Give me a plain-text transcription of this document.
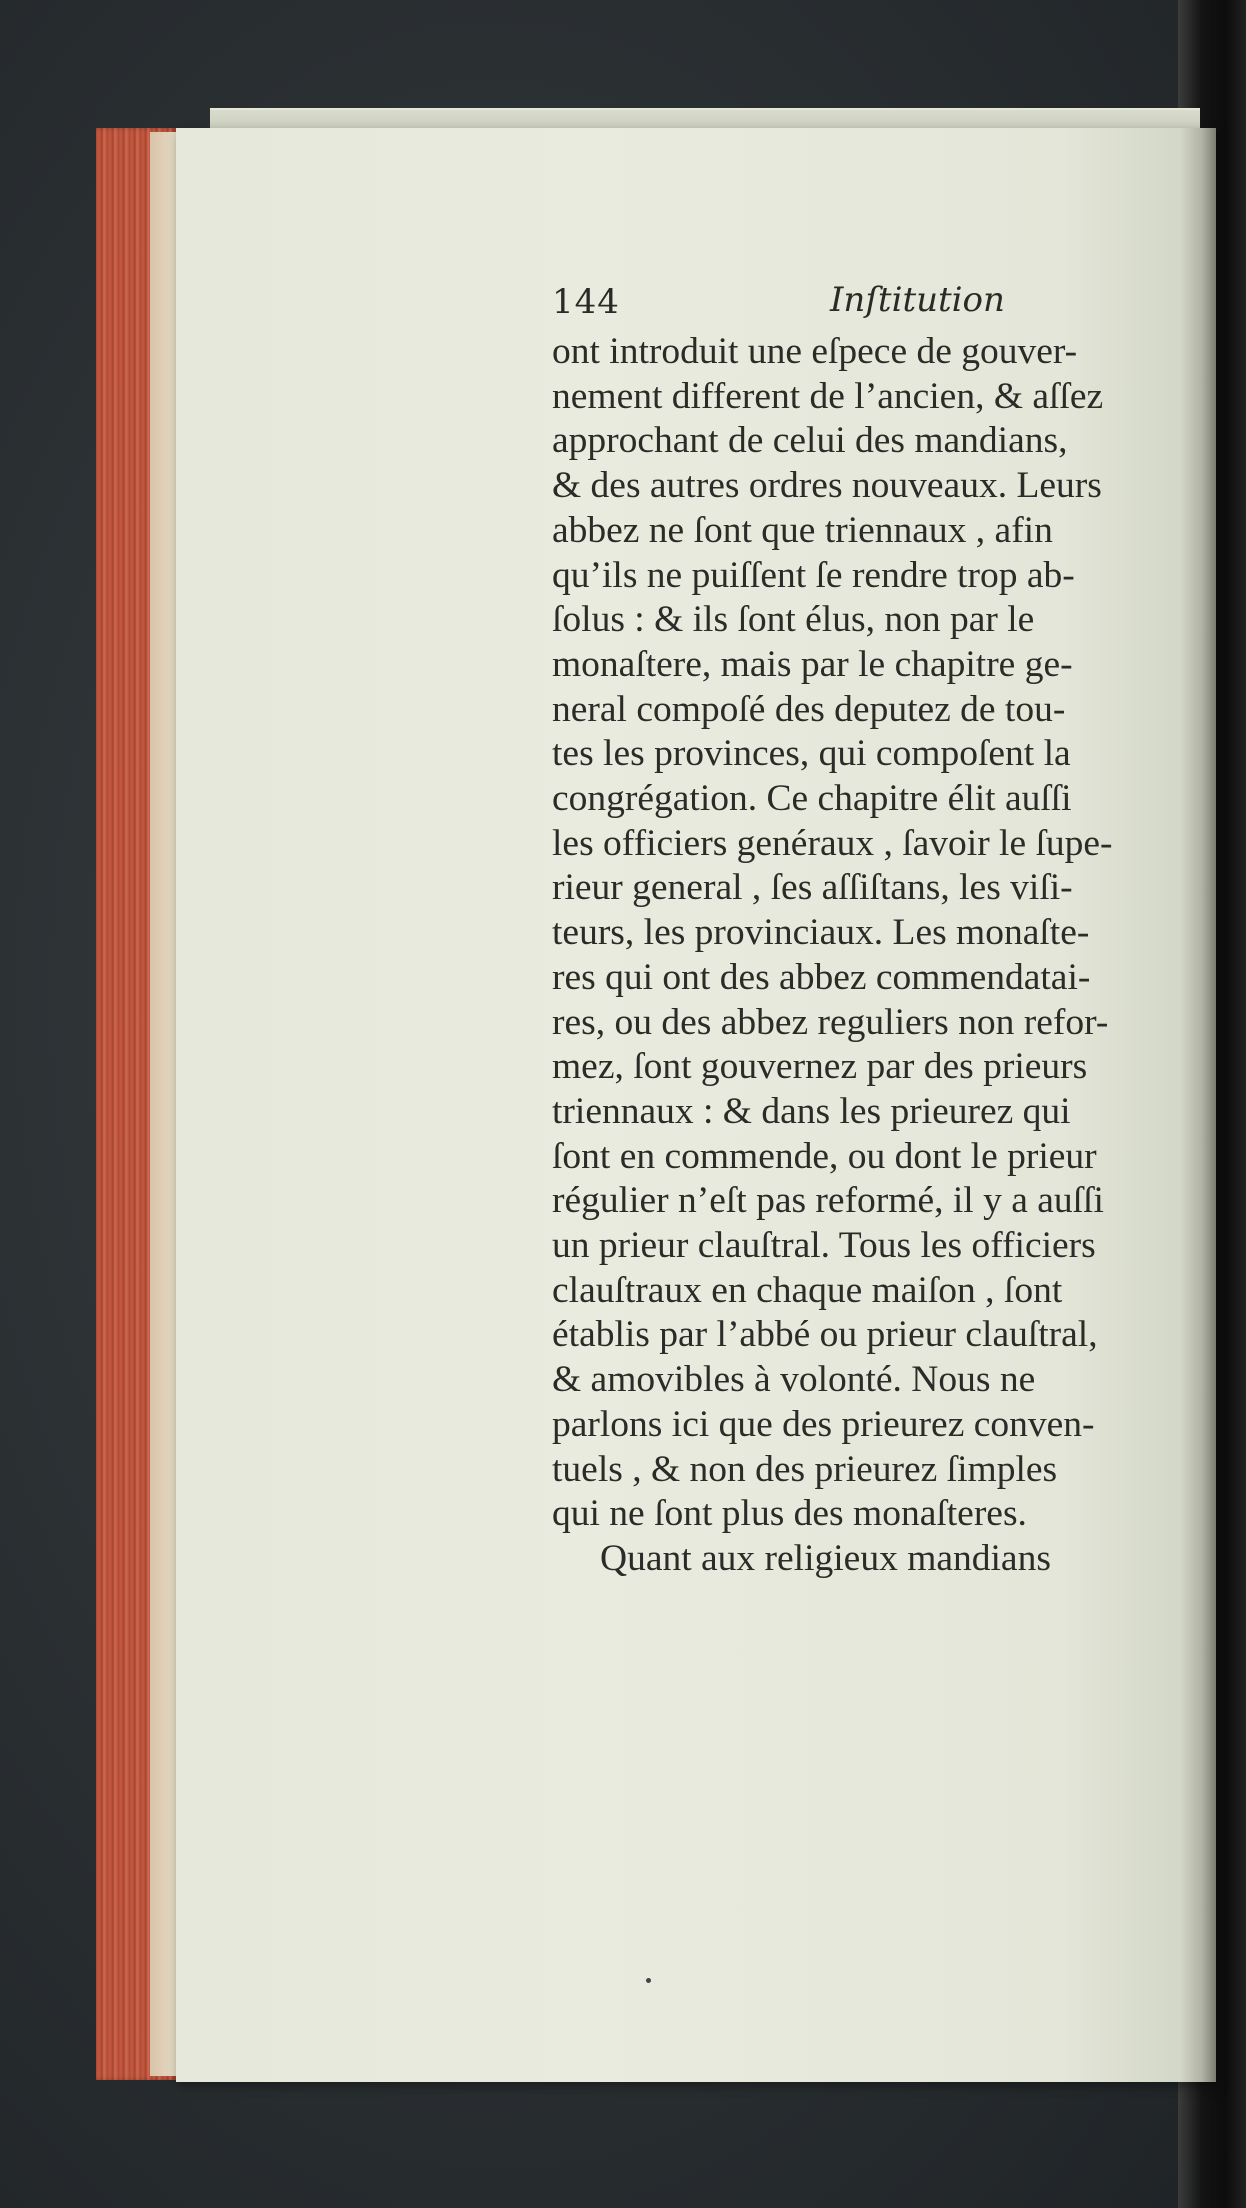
144	Inſtitution
ont introduit une eſpece de gouver-
nement different de l’ancien, & aſſez
approchant de celui des mandians,
& des autres ordres nouveaux. Leurs
abbez ne ſont que triennaux , afin
qu’ils ne puiſſent ſe rendre trop ab-
ſolus : & ils ſont élus, non par le
monaſtere, mais par le chapitre ge-
neral compoſé des deputez de tou-
tes les provinces, qui compoſent la
congrégation. Ce chapitre élit auſſi
les officiers genéraux , ſavoir le ſupe-
rieur general , ſes aſſiſtans, les viſi-
teurs, les provinciaux. Les monaſte-
res qui ont des abbez commendatai-
res, ou des abbez reguliers non refor-
mez, ſont gouvernez par des prieurs
triennaux : & dans les prieurez qui
ſont en commende, ou dont le prieur
régulier n’eſt pas reformé, il y a auſſi
un prieur clauſtral. Tous les officiers
clauſtraux en chaque maiſon , ſont
établis par l’abbé ou prieur clauſtral,
& amovibles à volonté. Nous ne
parlons ici que des prieurez conven-
tuels , & non des prieurez ſimples
qui ne ſont plus des monaſteres.
Quant aux religieux mandians
